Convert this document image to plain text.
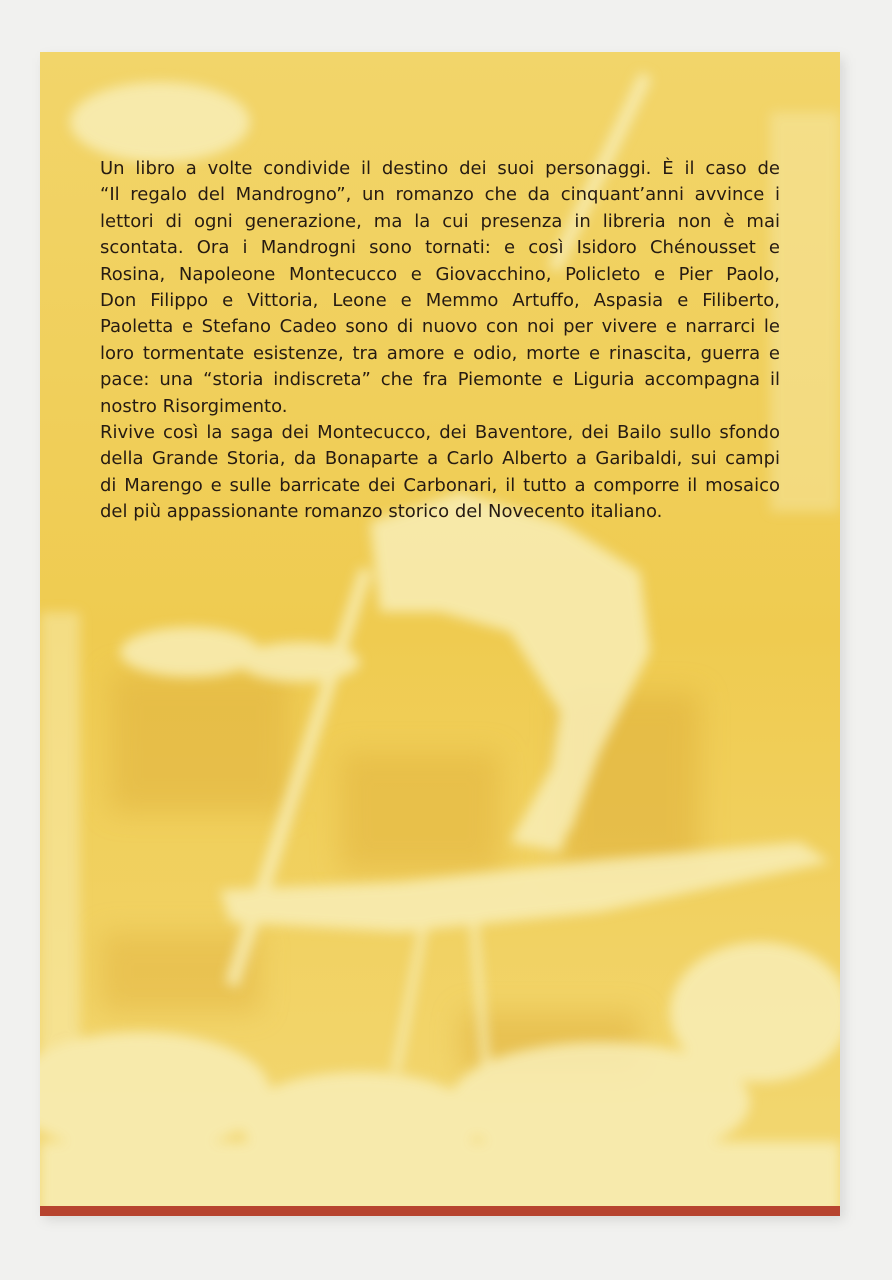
Un libro a volte condivide il destino dei suoi personaggi. È il caso de
“Il regalo del Mandrogno”, un romanzo che da cinquant’anni avvince i
lettori di ogni generazione, ma la cui presenza in libreria non è mai
scontata. Ora i Mandrogni sono tornati: e così Isidoro Chénousset e
Rosina, Napoleone Montecucco e Giovacchino, Policleto e Pier Paolo,
Don Filippo e Vittoria, Leone e Memmo Artuffo, Aspasia e Filiberto,
Paoletta e Stefano Cadeo sono di nuovo con noi per vivere e narrarci le
loro tormentate esistenze, tra amore e odio, morte e rinascita, guerra e
pace: una “storia indiscreta” che fra Piemonte e Liguria accompagna il
nostro Risorgimento.

Rivive così la saga dei Montecucco, dei Baventore, dei Bailo sullo sfondo
della Grande Storia, da Bonaparte a Carlo Alberto a Garibaldi, sui campi
di Marengo e sulle barricate dei Carbonari, il tutto a comporre il mosaico
del più appassionante romanzo storico del Novecento italiano.
